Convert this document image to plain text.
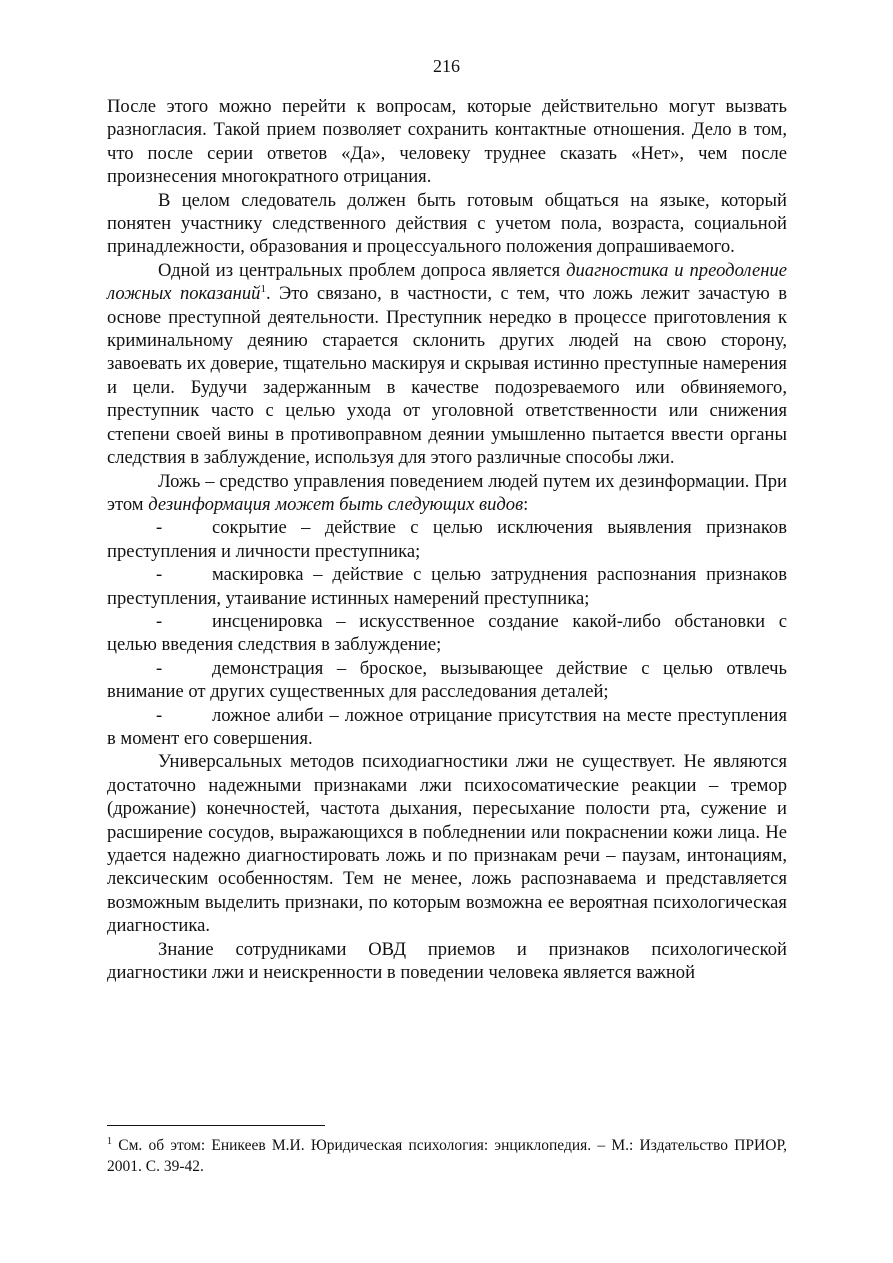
216

После этого можно перейти к вопросам, которые действительно могут вызвать разногласия. Такой прием позволяет сохранить контактные отношения. Дело в том, что после серии ответов «Да», человеку труднее сказать «Нет», чем после произнесения многократного отрицания.

В целом следователь должен быть готовым общаться на языке, который понятен участнику следственного действия с учетом пола, возраста, социальной принадлежности, образования и процессуального положения допрашиваемого.

Одной из центральных проблем допроса является диагностика и преодоление ложных показаний$^1$. Это связано, в частности, с тем, что ложь лежит зачастую в основе преступной деятельности. Преступник нередко в процессе приготовления к криминальному деянию старается склонить других людей на свою сторону, завоевать их доверие, тщательно маскируя и скрывая истинно преступные намерения и цели. Будучи задержанным в качестве подозреваемого или обвиняемого, преступник часто с целью ухода от уголовной ответственности или снижения степени своей вины в противоправном деянии умышленно пытается ввести органы следствия в заблуждение, используя для этого различные способы лжи.

Ложь – средство управления поведением людей путем их дезинформации. При этом дезинформация может быть следующих видов:

-	сокрытие – действие с целью исключения выявления признаков преступления и личности преступника;

-	маскировка – действие с целью затруднения распознания признаков преступления, утаивание истинных намерений преступника;

-	инсценировка – искусственное создание какой-либо обстановки с целью введения следствия в заблуждение;

-	демонстрация – броское, вызывающее действие с целью отвлечь внимание от других существенных для расследования деталей;

-	ложное алиби – ложное отрицание присутствия на месте преступления в момент его совершения.

Универсальных методов психодиагностики лжи не существует. Не являются достаточно надежными признаками лжи психосоматические реакции – тремор (дрожание) конечностей, частота дыхания, пересыхание полости рта, сужение и расширение сосудов, выражающихся в побледнении или покраснении кожи лица. Не удается надежно диагностировать ложь и по признакам речи – паузам, интонациям, лексическим особенностям. Тем не менее, ложь распознаваема и представляется возможным выделить признаки, по которым возможна ее вероятная психологическая диагностика.

Знание сотрудниками ОВД приемов и признаков психологической диагностики лжи и неискренности в поведении человека является важной

$^1$ См. об этом: Еникеев М.И. Юридическая психология: энциклопедия. – М.: Издательство ПРИОР, 2001. С. 39-42.
